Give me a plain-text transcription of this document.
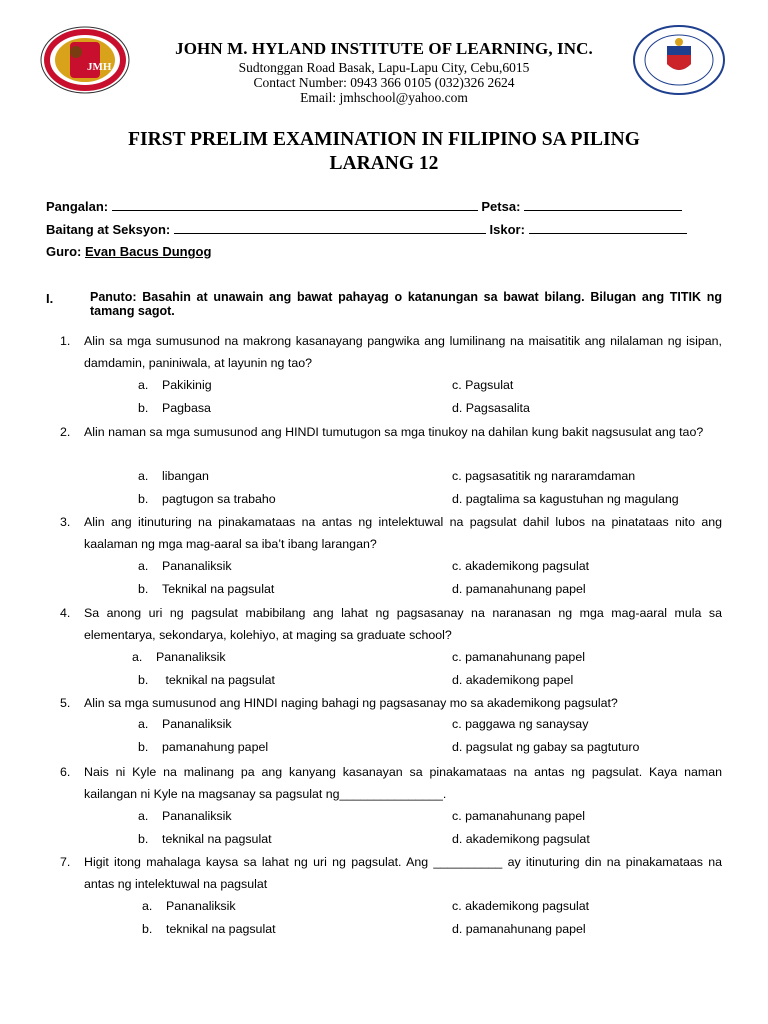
JMH
JOHN M. HYLAND INSTITUTE OF LEARNING, INC.
Sudtonggan Road Basak, Lapu-Lapu City, Cebu,6015
Contact Number: 0943 366 0105 (032)326 2624
Email: jmhschool@yahoo.com
FIRST PRELIM EXAMINATION IN FILIPINO SA PILING
LARANG 12
Pangalan:	Petsa:
Baitang at Seksyon:	Iskor:
Guro: Evan Bacus Dungog
I.	Panuto: Basahin at unawain ang bawat pahayag o katanungan sa bawat bilang. Bilugan ang TITIK ng tamang sagot.
1. Alin sa mga sumusunod na makrong kasanayang pangwika ang lumilinang na maisatitik ang nilalaman ng isipan, damdamin, paniniwala, at layunin ng tao?
a. Pakikinig	c. Pagsulat
b. Pagbasa	d. Pagsasalita
2. Alin naman sa mga sumusunod ang HINDI tumutugon sa mga tinukoy na dahilan kung bakit nagsusulat ang tao?
a. libangan	c. pagsasatitik ng nararamdaman
b. pagtugon sa trabaho	d. pagtalima sa kagustuhan ng magulang
3. Alin ang itinuturing na pinakamataas na antas ng intelektuwal na pagsulat dahil lubos na pinatataas nito ang kaalaman ng mga mag-aaral sa iba’t ibang larangan?
a. Pananaliksik	c. akademikong pagsulat
b. Teknikal na pagsulat	d. pamanahunang papel
4. Sa anong uri ng pagsulat mabibilang ang lahat ng pagsasanay na naranasan ng mga mag-aaral mula sa elementarya, sekondarya, kolehiyo, at maging sa graduate school?
a. Pananaliksik	c. pamanahunang papel
b. teknikal na pagsulat	d. akademikong papel
5. Alin sa mga sumusunod ang HINDI naging bahagi ng pagsasanay mo sa akademikong pagsulat?
a. Pananaliksik	c. paggawa ng sanaysay
b. pamanahung papel	d. pagsulat ng gabay sa pagtuturo
6. Nais ni Kyle na malinang pa ang kanyang kasanayan sa pinakamataas na antas ng pagsulat. Kaya naman kailangan ni Kyle na magsanay sa pagsulat ng_______________.
a. Pananaliksik	c. pamanahunang papel
b. teknikal na pagsulat	d. akademikong pagsulat
7. Higit itong mahalaga kaysa sa lahat ng uri ng pagsulat. Ang __________ ay itinuturing din na pinakamataas na antas ng intelektuwal na pagsulat
a. Pananaliksik	c. akademikong pagsulat
b. teknikal na pagsulat	d. pamanahunang papel
